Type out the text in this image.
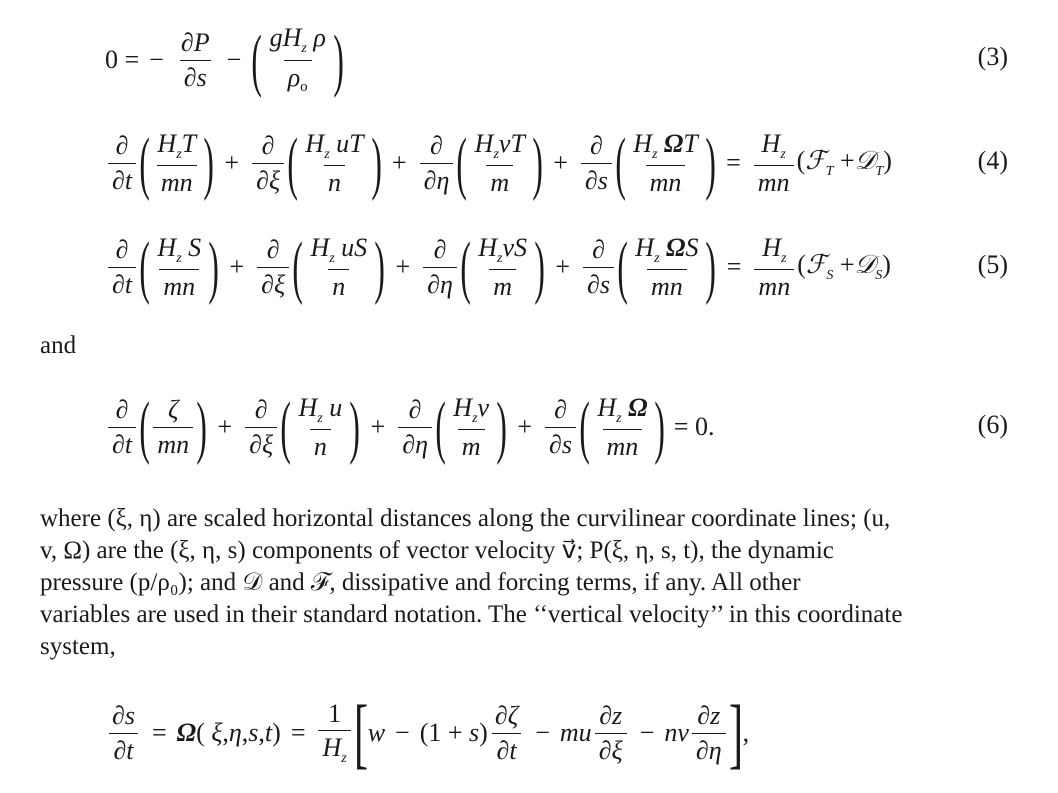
0 = − $\frac{\partial P}{\partial s}$ − ( $\frac{gH_z \rho}{\rho o}$ )	(3)
$\frac{\partial}{\partial t}$ ( $\frac{H_zT}{mn}$ ) + $\frac{\partial}{\partial\xi}$ ( $\frac{H_z uT}{n}$ ) + $\frac{\partial}{\partial\eta}$ ( $\frac{H_zvT}{m}$ ) + $\frac{\partial}{\partial s}$ ( $\frac{H_z \Omega T}{mn}$ ) = $\frac{H_z}{mn}$ (ℱ$_T$ +𝒟$_T$)	(4)
$\frac{\partial}{\partial t}$ ( $\frac{H_z S}{mn}$ ) + $\frac{\partial}{\partial\xi}$ ( $\frac{H_z uS}{n}$ ) + $\frac{\partial}{\partial\eta}$ ( $\frac{H_zvS}{m}$ ) + $\frac{\partial}{\partial s}$ ( $\frac{H_z \Omega S}{mn}$ ) = $\frac{H_z}{mn}$ (ℱ$_S$ +𝒟$_S$)	(5)
and
$\frac{\partial}{\partial t}$ ( $\frac{\zeta}{mn}$ ) + $\frac{\partial}{\partial\xi}$ ( $\frac{H_z u}{n}$ ) + $\frac{\partial}{\partial\eta}$ ( $\frac{H_zv}{m}$ ) + $\frac{\partial}{\partial s}$ ( $\frac{H_z \Omega}{mn}$ ) = 0.	(6)
where (ξ, η) are scaled horizontal distances along the curvilinear coordinate lines; (u,
v, Ω) are the (ξ, η, s) components of vector velocity v⃗; P(ξ, η, s, t), the dynamic
pressure (p/ρ₀); and 𝒟 and ℱ, dissipative and forcing terms, if any. All other
variables are used in their standard notation. The ‘‘vertical velocity’’ in this coordinate
system,
$\frac{\partial s}{\partial t} = \Omega$( $\xi,\eta,s,t) = \frac{1}{H_z}$ [ $w - (1 + s) \frac{\partial\zeta}{\partial t}$ − mu $\frac{\partial z}{\partial\xi}$ − nv $\frac{\partial z}{\partial\eta}$ ] ,
